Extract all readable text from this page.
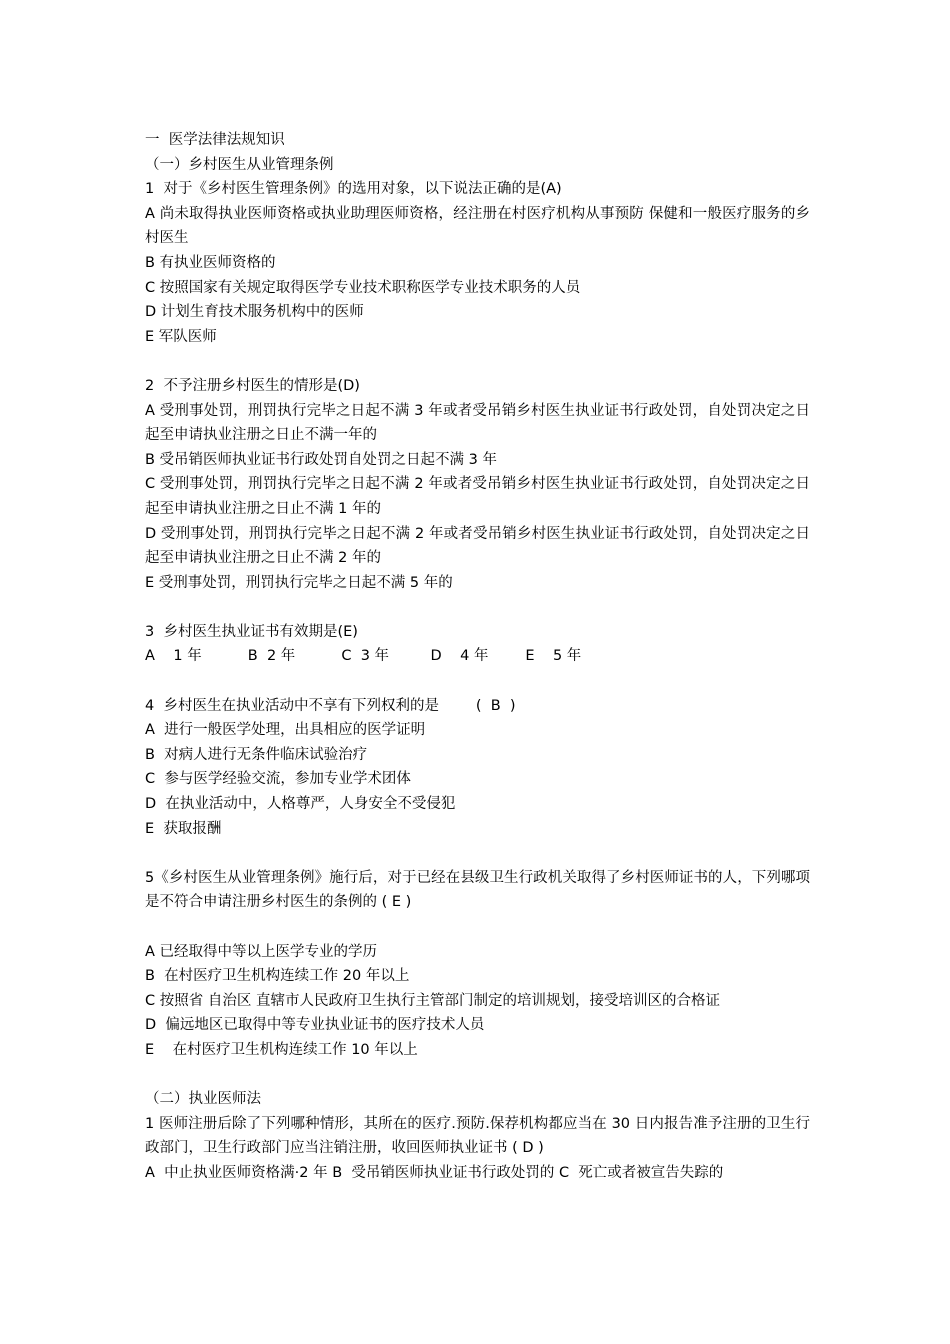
一  医学法律法规知识
（一）乡村医生从业管理条例
1  对于《乡村医生管理条例》的选用对象，以下说法正确的是(A)
A 尚未取得执业医师资格或执业助理医师资格，经注册在村医疗机构从事预防 保健和一般医疗服务的乡村医生
B 有执业医师资格的
C 按照国家有关规定取得医学专业技术职称医学专业技术职务的人员
D 计划生育技术服务机构中的医师
E 军队医师
2  不予注册乡村医生的情形是(D)
A 受刑事处罚，刑罚执行完毕之日起不满 3 年或者受吊销乡村医生执业证书行政处罚，自处罚决定之日起至申请执业注册之日止不满一年的
B 受吊销医师执业证书行政处罚自处罚之日起不满 3 年
C 受刑事处罚，刑罚执行完毕之日起不满 2 年或者受吊销乡村医生执业证书行政处罚，自处罚决定之日起至申请执业注册之日止不满 1 年的
D 受刑事处罚，刑罚执行完毕之日起不满 2 年或者受吊销乡村医生执业证书行政处罚，自处罚决定之日起至申请执业注册之日止不满 2 年的
E 受刑事处罚，刑罚执行完毕之日起不满 5 年的
3  乡村医生执业证书有效期是(E)
A    1 年          B  2 年          C  3 年         D    4 年        E    5 年
4  乡村医生在执业活动中不享有下列权利的是        (  B  )
A  进行一般医学处理，出具相应的医学证明
B  对病人进行无条件临床试验治疗
C  参与医学经验交流，参加专业学术团体
D  在执业活动中，人格尊严，人身安全不受侵犯
E  获取报酬
5《乡村医生从业管理条例》施行后，对于已经在县级卫生行政机关取得了乡村医师证书的人，下列哪项是不符合申请注册乡村医生的条例的 ( E )
A 已经取得中等以上医学专业的学历
B  在村医疗卫生机构连续工作 20 年以上
C 按照省 自治区 直辖市人民政府卫生执行主管部门制定的培训规划，接受培训区的合格证
D  偏远地区已取得中等专业执业证书的医疗技术人员
E    在村医疗卫生机构连续工作 10 年以上
（二）执业医师法
1 医师注册后除了下列哪种情形，其所在的医疗.预防.保荐机构都应当在 30 日内报告准予注册的卫生行政部门，卫生行政部门应当注销注册，收回医师执业证书 ( D )
A  中止执业医师资格满·2 年 B  受吊销医师执业证书行政处罚的 C  死亡或者被宣告失踪的
